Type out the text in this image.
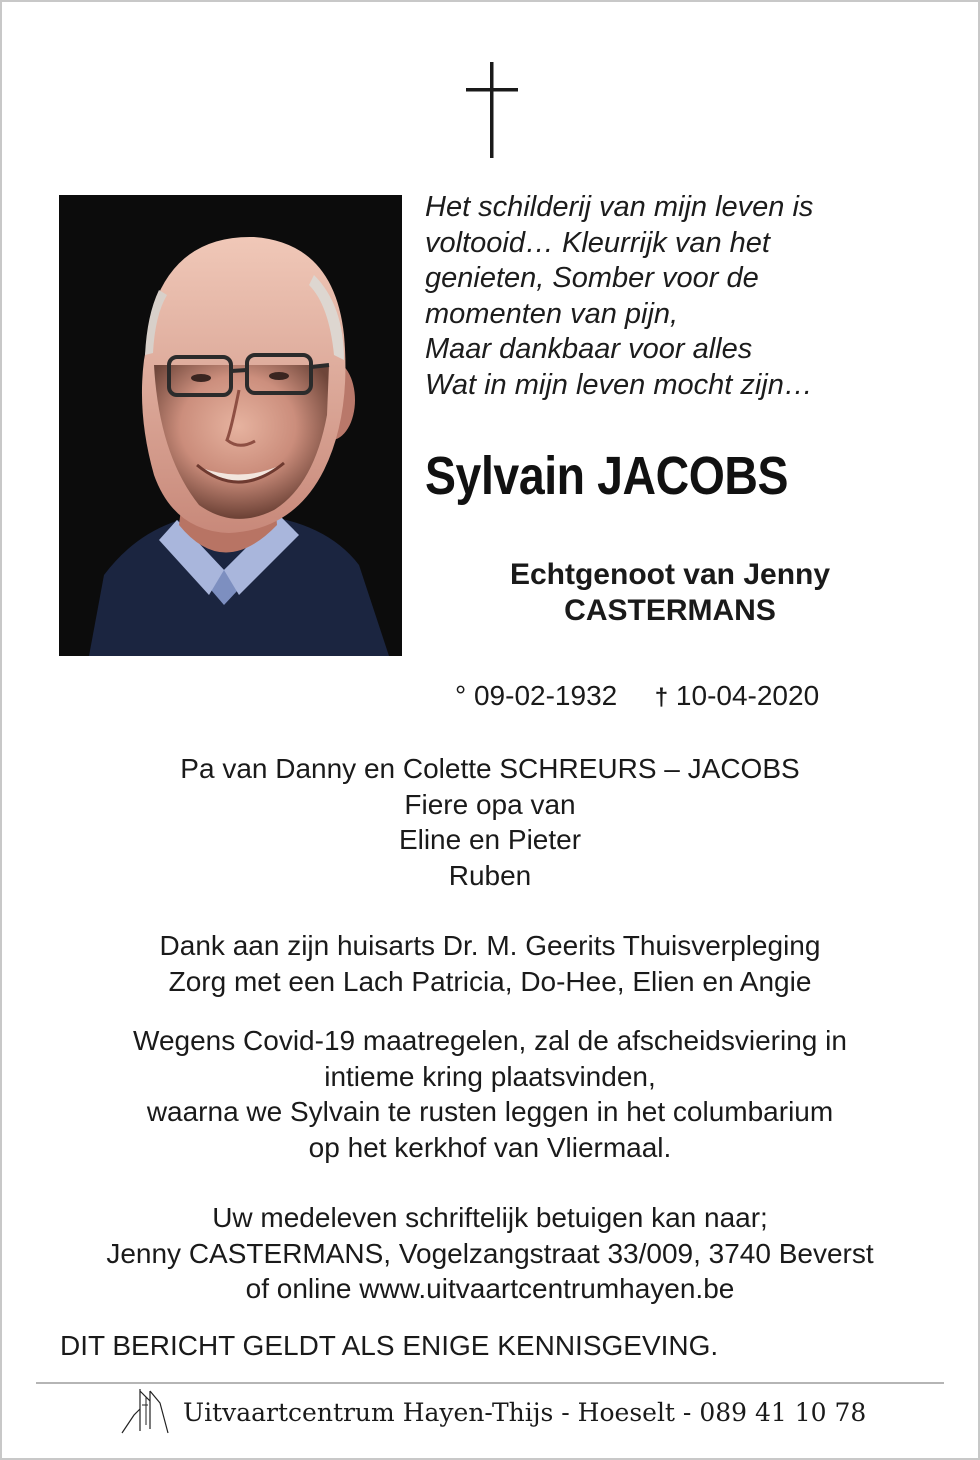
Het schilderij van mijn leven is
voltooid… Kleurrijk van het
genieten, Somber voor de
momenten van pijn,
Maar dankbaar voor alles
Wat in mijn leven mocht zijn…
Sylvain JACOBS
Echtgenoot van Jenny
CASTERMANS
° 09-02-1932 † 10-04-2020
Pa van Danny en Colette SCHREURS – JACOBS
Fiere opa van
Eline en Pieter
Ruben
Dank aan zijn huisarts Dr. M. Geerits Thuisverpleging
Zorg met een Lach Patricia, Do-Hee, Elien en Angie
Wegens Covid-19 maatregelen, zal de afscheidsviering in
intieme kring plaatsvinden,
waarna we Sylvain te rusten leggen in het columbarium
op het kerkhof van Vliermaal.
Uw medeleven schriftelijk betuigen kan naar;
Jenny CASTERMANS, Vogelzangstraat 33/009, 3740 Beverst
of online www.uitvaartcentrumhayen.be
DIT BERICHT GELDT ALS ENIGE KENNISGEVING.
Uitvaartcentrum Hayen-Thijs - Hoeselt - 089 41 10 78
